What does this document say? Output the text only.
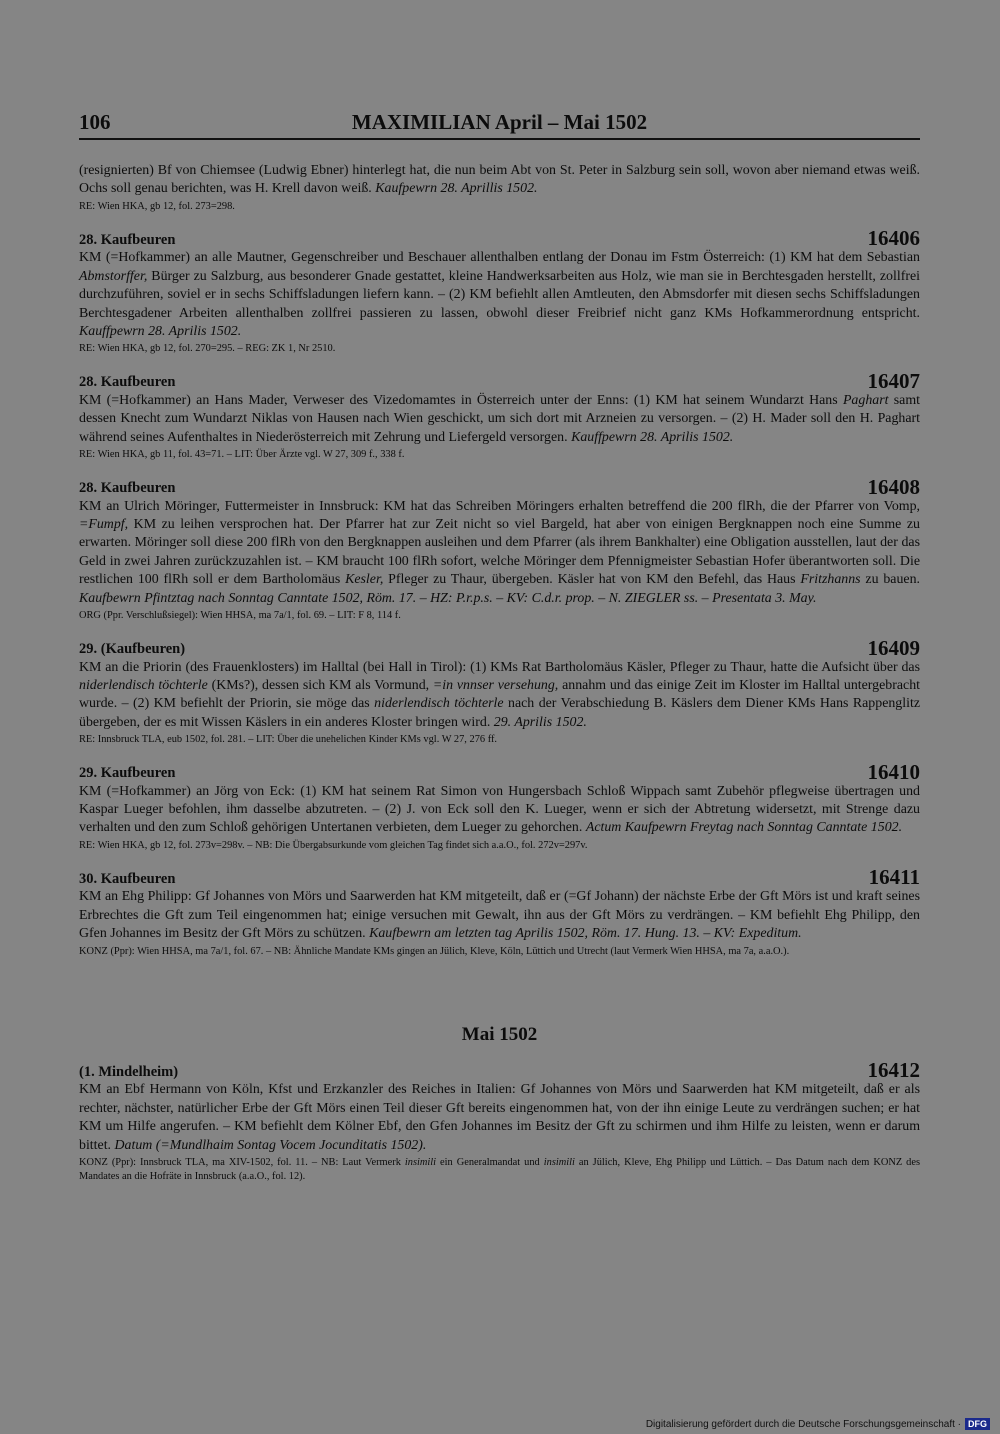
106	MAXIMILIAN April – Mai 1502

(resignierten) Bf von Chiemsee (Ludwig Ebner) hinterlegt hat, die nun beim Abt von St. Peter in Salzburg sein soll, wovon aber niemand etwas weiß. Ochs soll genau berichten, was H. Krell davon weiß. Kaufpewrn 28. Aprillis 1502.

RE: Wien HKA, gb 12, fol. 273=298.

28. Kaufbeuren	16406

KM (=Hofkammer) an alle Mautner, Gegenschreiber und Beschauer allenthalben entlang der Donau im Fstm Österreich: (1) KM hat dem Sebastian Abmstorffer, Bürger zu Salzburg, aus besonderer Gnade gestattet, kleine Handwerksarbeiten aus Holz, wie man sie in Berchtesgaden herstellt, zollfrei durchzuführen, soviel er in sechs Schiffsladungen liefern kann. – (2) KM befiehlt allen Amtleuten, den Abmsdorfer mit diesen sechs Schiffsladungen Berchtesgadener Arbeiten allenthalben zollfrei passieren zu lassen, obwohl dieser Freibrief nicht ganz KMs Hofkammerordnung entspricht. Kauffpewrn 28. Aprilis 1502.

RE: Wien HKA, gb 12, fol. 270=295. – REG: ZK 1, Nr 2510.

28. Kaufbeuren	16407

KM (=Hofkammer) an Hans Mader, Verweser des Vizedomamtes in Österreich unter der Enns: (1) KM hat seinem Wundarzt Hans Paghart samt dessen Knecht zum Wundarzt Niklas von Hausen nach Wien geschickt, um sich dort mit Arzneien zu versorgen. – (2) H. Mader soll den H. Paghart während seines Aufenthaltes in Niederösterreich mit Zehrung und Liefergeld versorgen. Kauffpewrn 28. Aprilis 1502.

RE: Wien HKA, gb 11, fol. 43=71. – LIT: Über Ärzte vgl. W 27, 309 f., 338 f.

28. Kaufbeuren	16408

KM an Ulrich Möringer, Futtermeister in Innsbruck: KM hat das Schreiben Möringers erhalten betreffend die 200 flRh, die der Pfarrer von Vomp, =Fumpf, KM zu leihen versprochen hat. Der Pfarrer hat zur Zeit nicht so viel Bargeld, hat aber von einigen Bergknappen noch eine Summe zu erwarten. Möringer soll diese 200 flRh von den Bergknappen ausleihen und dem Pfarrer (als ihrem Bankhalter) eine Obligation ausstellen, laut der das Geld in zwei Jahren zurückzuzahlen ist. – KM braucht 100 flRh sofort, welche Möringer dem Pfennigmeister Sebastian Hofer überantworten soll. Die restlichen 100 flRh soll er dem Bartholomäus Kesler, Pfleger zu Thaur, übergeben. Käsler hat von KM den Befehl, das Haus Fritzhanns zu bauen. Kaufbewrn Pfintztag nach Sonntag Canntate 1502, Röm. 17. – HZ: P.r.p.s. – KV: C.d.r. prop. – N. ZIEGLER ss. – Presentata 3. May.

ORG (Ppr. Verschlußsiegel): Wien HHSA, ma 7a/1, fol. 69. – LIT: F 8, 114 f.

29. (Kaufbeuren)	16409

KM an die Priorin (des Frauenklosters) im Halltal (bei Hall in Tirol): (1) KMs Rat Bartholomäus Käsler, Pfleger zu Thaur, hatte die Aufsicht über das niderlendisch töchterle (KMs?), dessen sich KM als Vormund, =in vnnser versehung, annahm und das einige Zeit im Kloster im Halltal untergebracht wurde. – (2) KM befiehlt der Priorin, sie möge das niderlendisch töchterle nach der Verabschiedung B. Käslers dem Diener KMs Hans Rappenglitz übergeben, der es mit Wissen Käslers in ein anderes Kloster bringen wird. 29. Aprilis 1502.

RE: Innsbruck TLA, eub 1502, fol. 281. – LIT: Über die unehelichen Kinder KMs vgl. W 27, 276 ff.

29. Kaufbeuren	16410

KM (=Hofkammer) an Jörg von Eck: (1) KM hat seinem Rat Simon von Hungersbach Schloß Wippach samt Zubehör pflegweise übertragen und Kaspar Lueger befohlen, ihm dasselbe abzutreten. – (2) J. von Eck soll den K. Lueger, wenn er sich der Abtretung widersetzt, mit Strenge dazu verhalten und den zum Schloß gehörigen Untertanen verbieten, dem Lueger zu gehorchen. Actum Kaufpewrn Freytag nach Sonntag Canntate 1502.

RE: Wien HKA, gb 12, fol. 273v=298v. – NB: Die Übergabsurkunde vom gleichen Tag findet sich a.a.O., fol. 272v=297v.

30. Kaufbeuren	16411

KM an Ehg Philipp: Gf Johannes von Mörs und Saarwerden hat KM mitgeteilt, daß er (=Gf Johann) der nächste Erbe der Gft Mörs ist und kraft seines Erbrechtes die Gft zum Teil eingenommen hat; einige versuchen mit Gewalt, ihn aus der Gft Mörs zu verdrängen. – KM befiehlt Ehg Philipp, den Gfen Johannes im Besitz der Gft Mörs zu schützen. Kaufbewrn am letzten tag Aprilis 1502, Röm. 17. Hung. 13. – KV: Expeditum.

KONZ (Ppr): Wien HHSA, ma 7a/1, fol. 67. – NB: Ähnliche Mandate KMs gingen an Jülich, Kleve, Köln, Lüttich und Utrecht (laut Vermerk Wien HHSA, ma 7a, a.a.O.).

Mai 1502
(1. Mindelheim)	16412

KM an Ebf Hermann von Köln, Kfst und Erzkanzler des Reiches in Italien: Gf Johannes von Mörs und Saarwerden hat KM mitgeteilt, daß er als rechter, nächster, natürlicher Erbe der Gft Mörs einen Teil dieser Gft bereits eingenommen hat, von der ihn einige Leute zu verdrängen suchen; er hat KM um Hilfe angerufen. – KM befiehlt dem Kölner Ebf, den Gfen Johannes im Besitz der Gft zu schirmen und ihm Hilfe zu leisten, wenn er darum bittet. Datum (=Mundlhaim Sontag Vocem Jocunditatis 1502).

KONZ (Ppr): Innsbruck TLA, ma XIV-1502, fol. 11. – NB: Laut Vermerk insimili ein Generalmandat und insimili an Jülich, Kleve, Ehg Philipp und Lüttich. – Das Datum nach dem KONZ des Mandates an die Hofräte in Innsbruck (a.a.O., fol. 12).

Digitalisierung gefördert durch die Deutsche Forschungsgemeinschaft · DFG
